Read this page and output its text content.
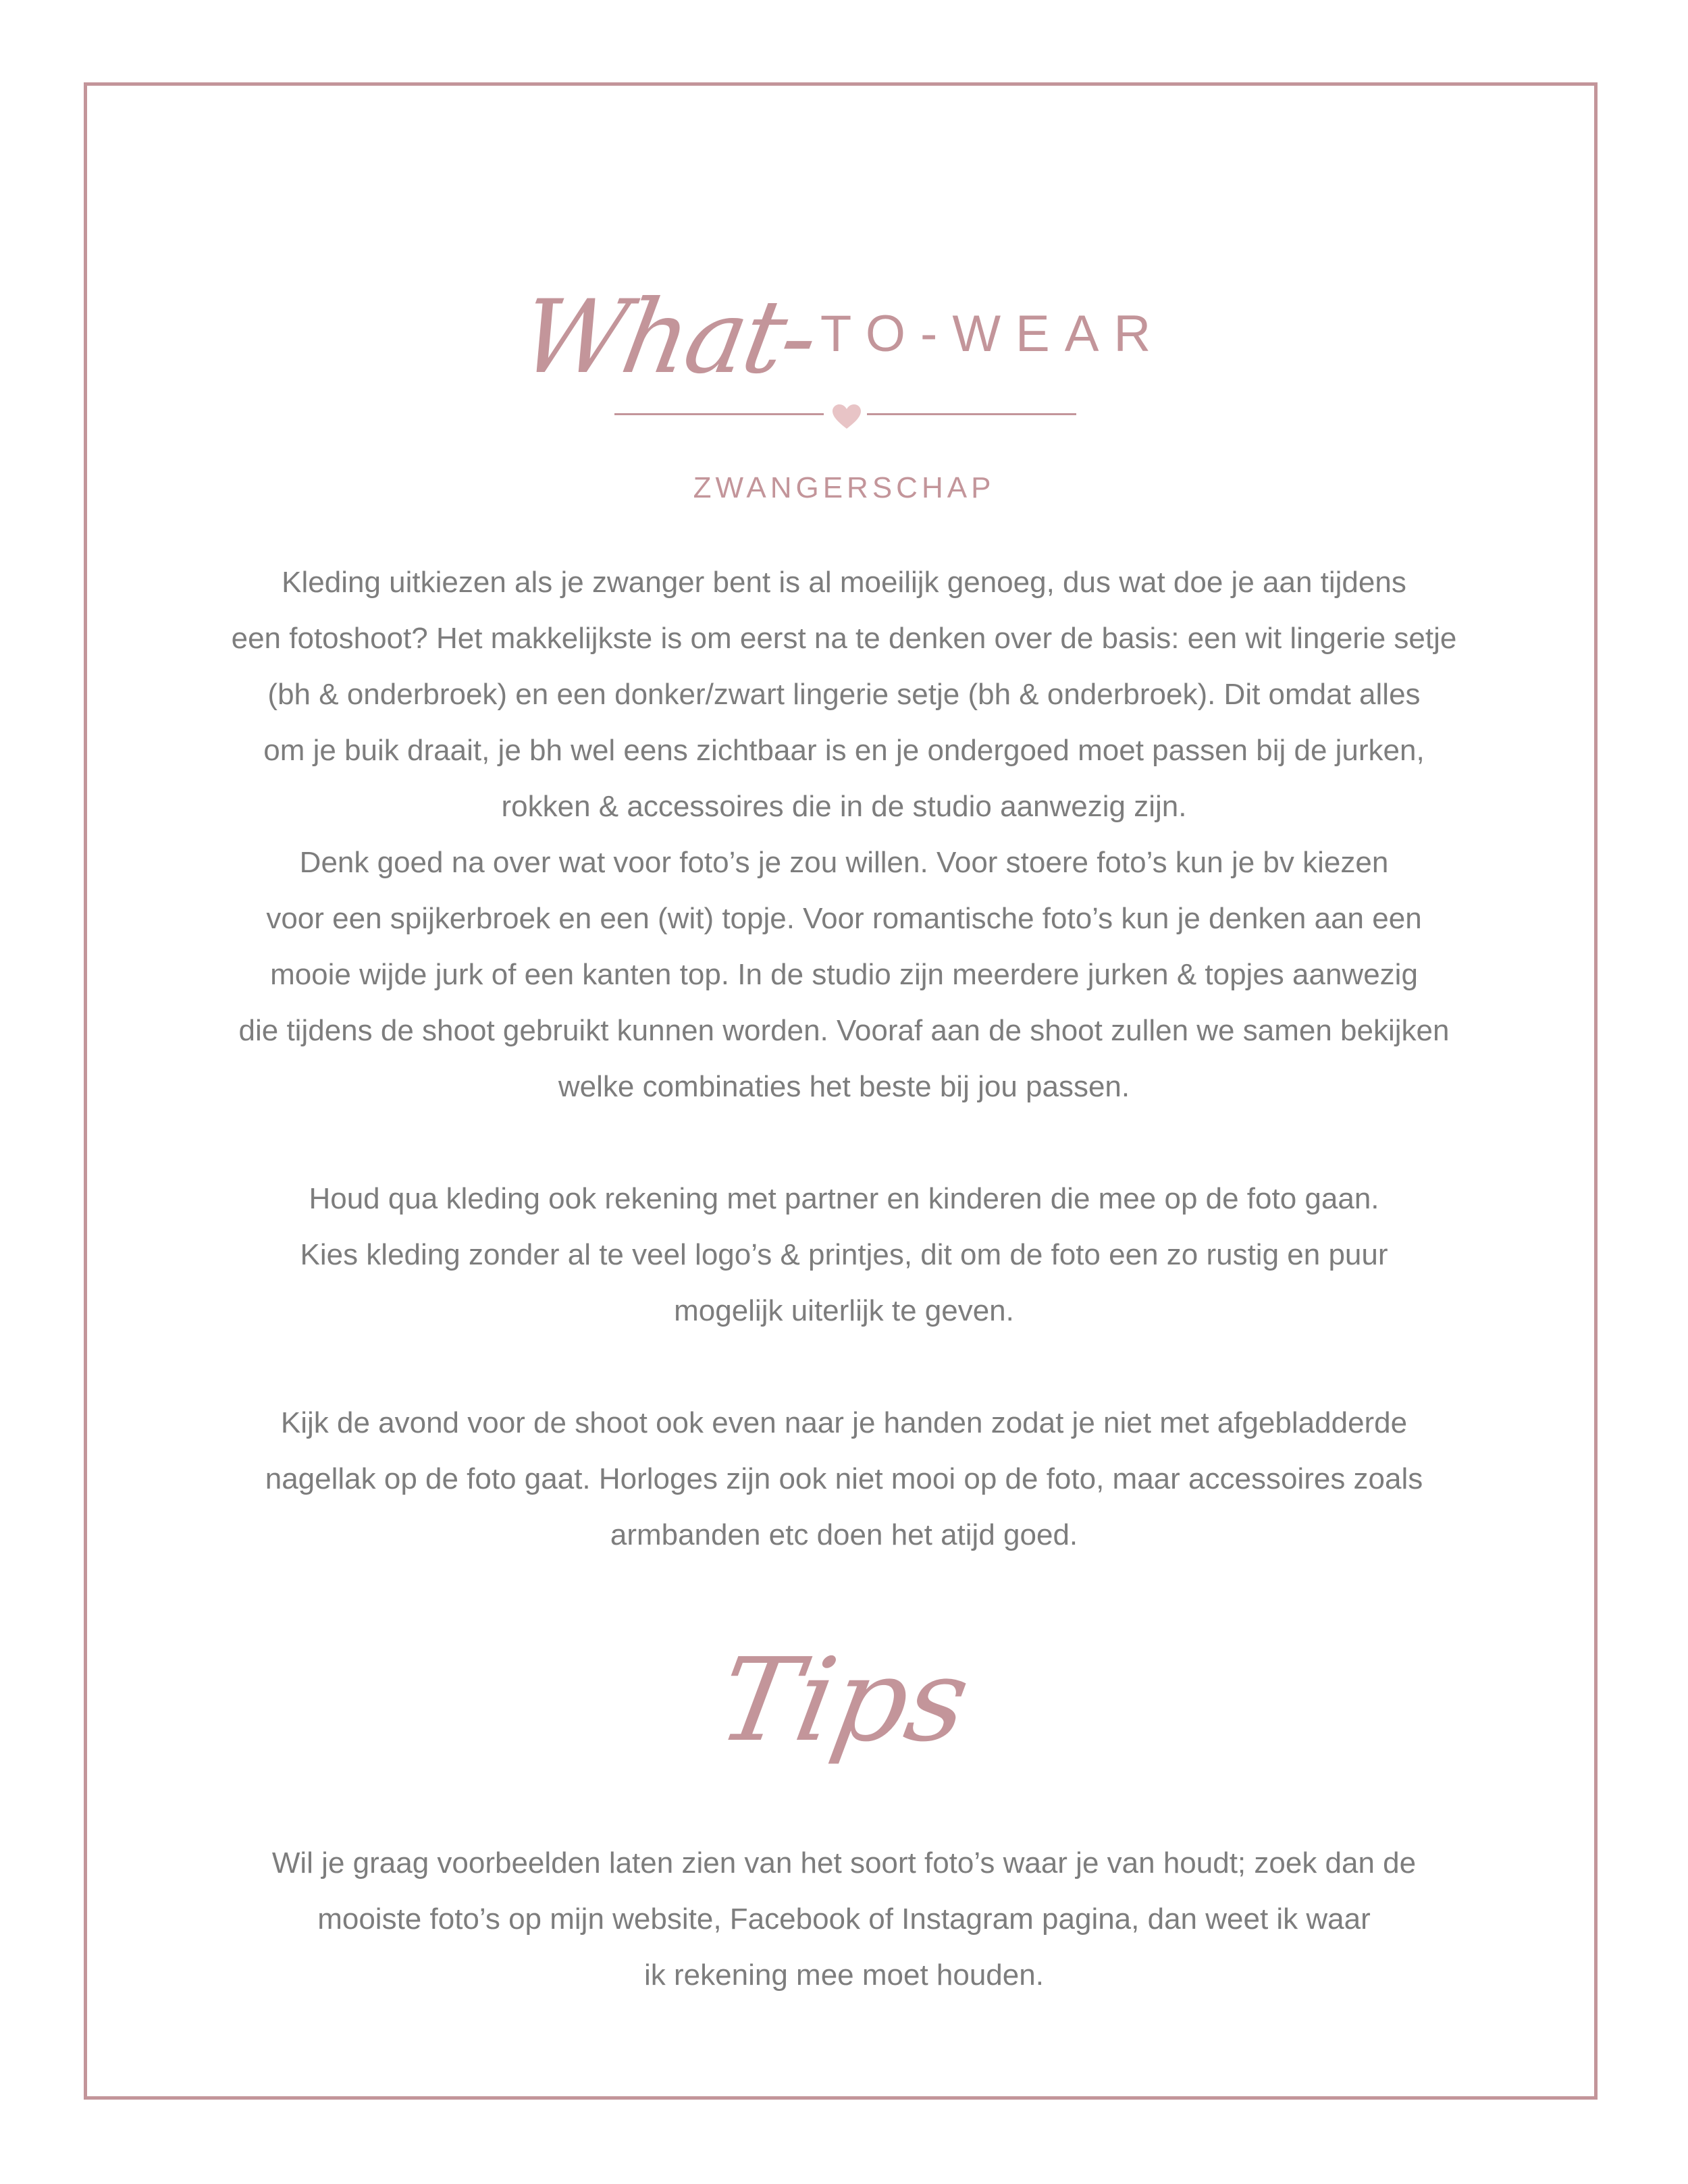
What-
TO-WEAR
ZWANGERSCHAP
Kleding uitkiezen als je zwanger bent is al moeilijk genoeg, dus wat doe je aan tijdens
een fotoshoot? Het makkelijkste is om eerst na te denken over de basis: een wit lingerie setje
(bh & onderbroek) en een donker/zwart lingerie setje (bh & onderbroek). Dit omdat alles
om je buik draait, je bh wel eens zichtbaar is en je ondergoed moet passen bij de jurken,
rokken & accessoires die in de studio aanwezig zijn.
Denk goed na over wat voor foto’s je zou willen. Voor stoere foto’s kun je bv kiezen
voor een spijkerbroek en een (wit) topje. Voor romantische foto’s kun je denken aan een
mooie wijde jurk of een kanten top. In de studio zijn meerdere jurken & topjes aanwezig
die tijdens de shoot gebruikt kunnen worden. Vooraf aan de shoot zullen we samen bekijken
welke combinaties het beste bij jou passen.
Houd qua kleding ook rekening met partner en kinderen die mee op de foto gaan.
Kies kleding zonder al te veel logo’s & printjes, dit om de foto een zo rustig en puur
mogelijk uiterlijk te geven.
Kijk de avond voor de shoot ook even naar je handen zodat je niet met afgebladderde
nagellak op de foto gaat. Horloges zijn ook niet mooi op de foto, maar accessoires zoals
armbanden etc doen het atijd goed.
Tips
Wil je graag voorbeelden laten zien van het soort foto’s waar je van houdt; zoek dan de
mooiste foto’s op mijn website, Facebook of Instagram pagina, dan weet ik waar
ik rekening mee moet houden.
